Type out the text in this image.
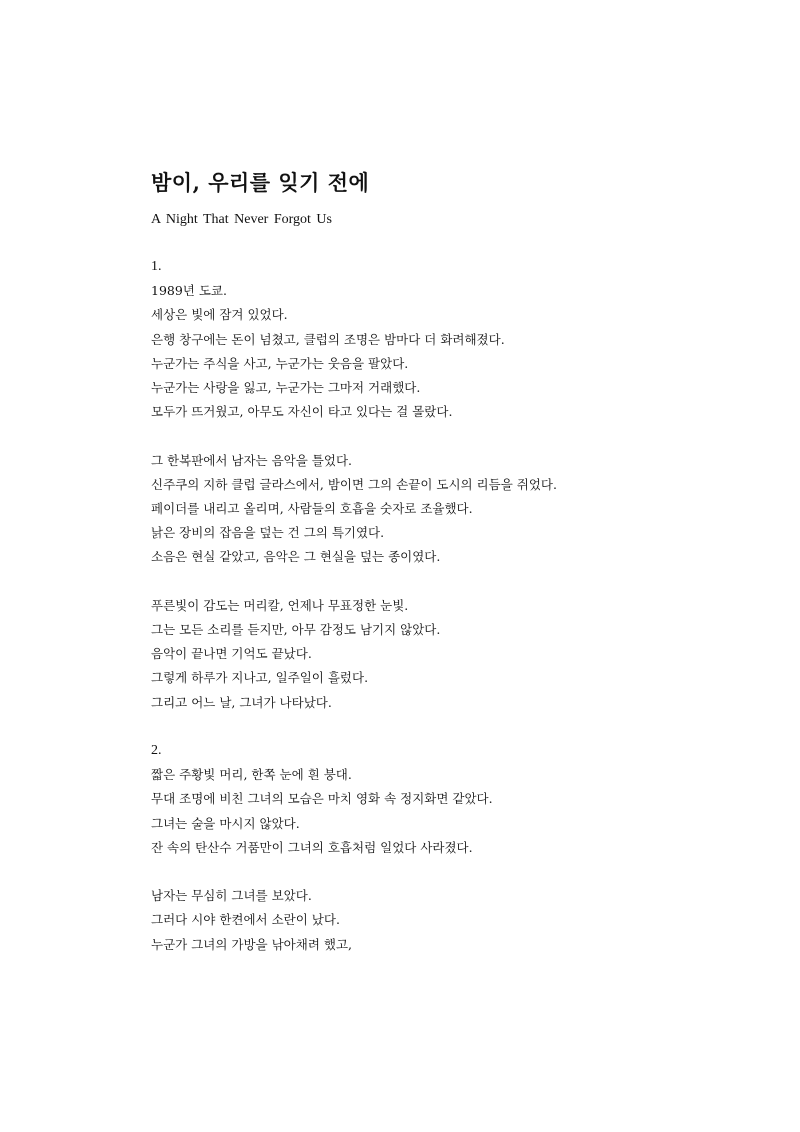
밤이, 우리를 잊기 전에
A Night That Never Forgot Us

1.

1989년 도쿄.

세상은 빛에 잠겨 있었다.

은행 창구에는 돈이 넘쳤고, 클럽의 조명은 밤마다 더 화려해졌다.

누군가는 주식을 사고, 누군가는 웃음을 팔았다.

누군가는 사랑을 잃고, 누군가는 그마저 거래했다.

모두가 뜨거웠고, 아무도 자신이 타고 있다는 걸 몰랐다.

그 한복판에서 남자는 음악을 틀었다.

신주쿠의 지하 클럽 글라스에서, 밤이면 그의 손끝이 도시의 리듬을 쥐었다.

페이더를 내리고 올리며, 사람들의 호흡을 숫자로 조율했다.

낡은 장비의 잡음을 덮는 건 그의 특기였다.

소음은 현실 같았고, 음악은 그 현실을 덮는 종이였다.

푸른빛이 감도는 머리칼, 언제나 무표정한 눈빛.

그는 모든 소리를 듣지만, 아무 감정도 남기지 않았다.

음악이 끝나면 기억도 끝났다.

그렇게 하루가 지나고, 일주일이 흘렀다.

그리고 어느 날, 그녀가 나타났다.

2.

짧은 주황빛 머리, 한쪽 눈에 흰 붕대.

무대 조명에 비친 그녀의 모습은 마치 영화 속 정지화면 같았다.

그녀는 술을 마시지 않았다.

잔 속의 탄산수 거품만이 그녀의 호흡처럼 일었다 사라졌다.

남자는 무심히 그녀를 보았다.

그러다 시야 한켠에서 소란이 났다.

누군가 그녀의 가방을 낚아채려 했고,
